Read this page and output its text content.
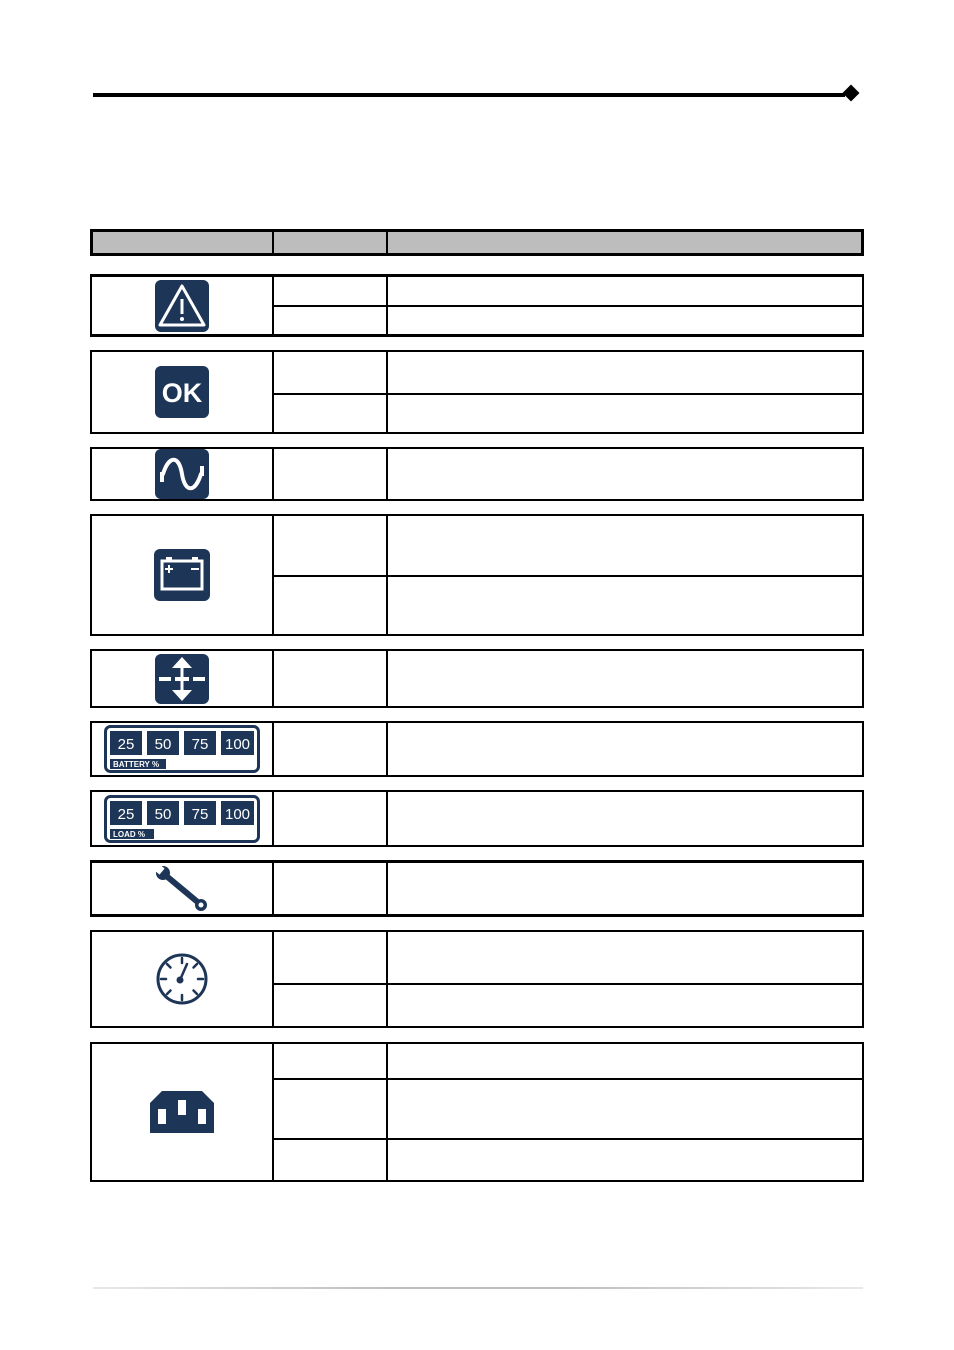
OK
25 50 75 100
BATTERY %
25 50 75 100
LOAD %
